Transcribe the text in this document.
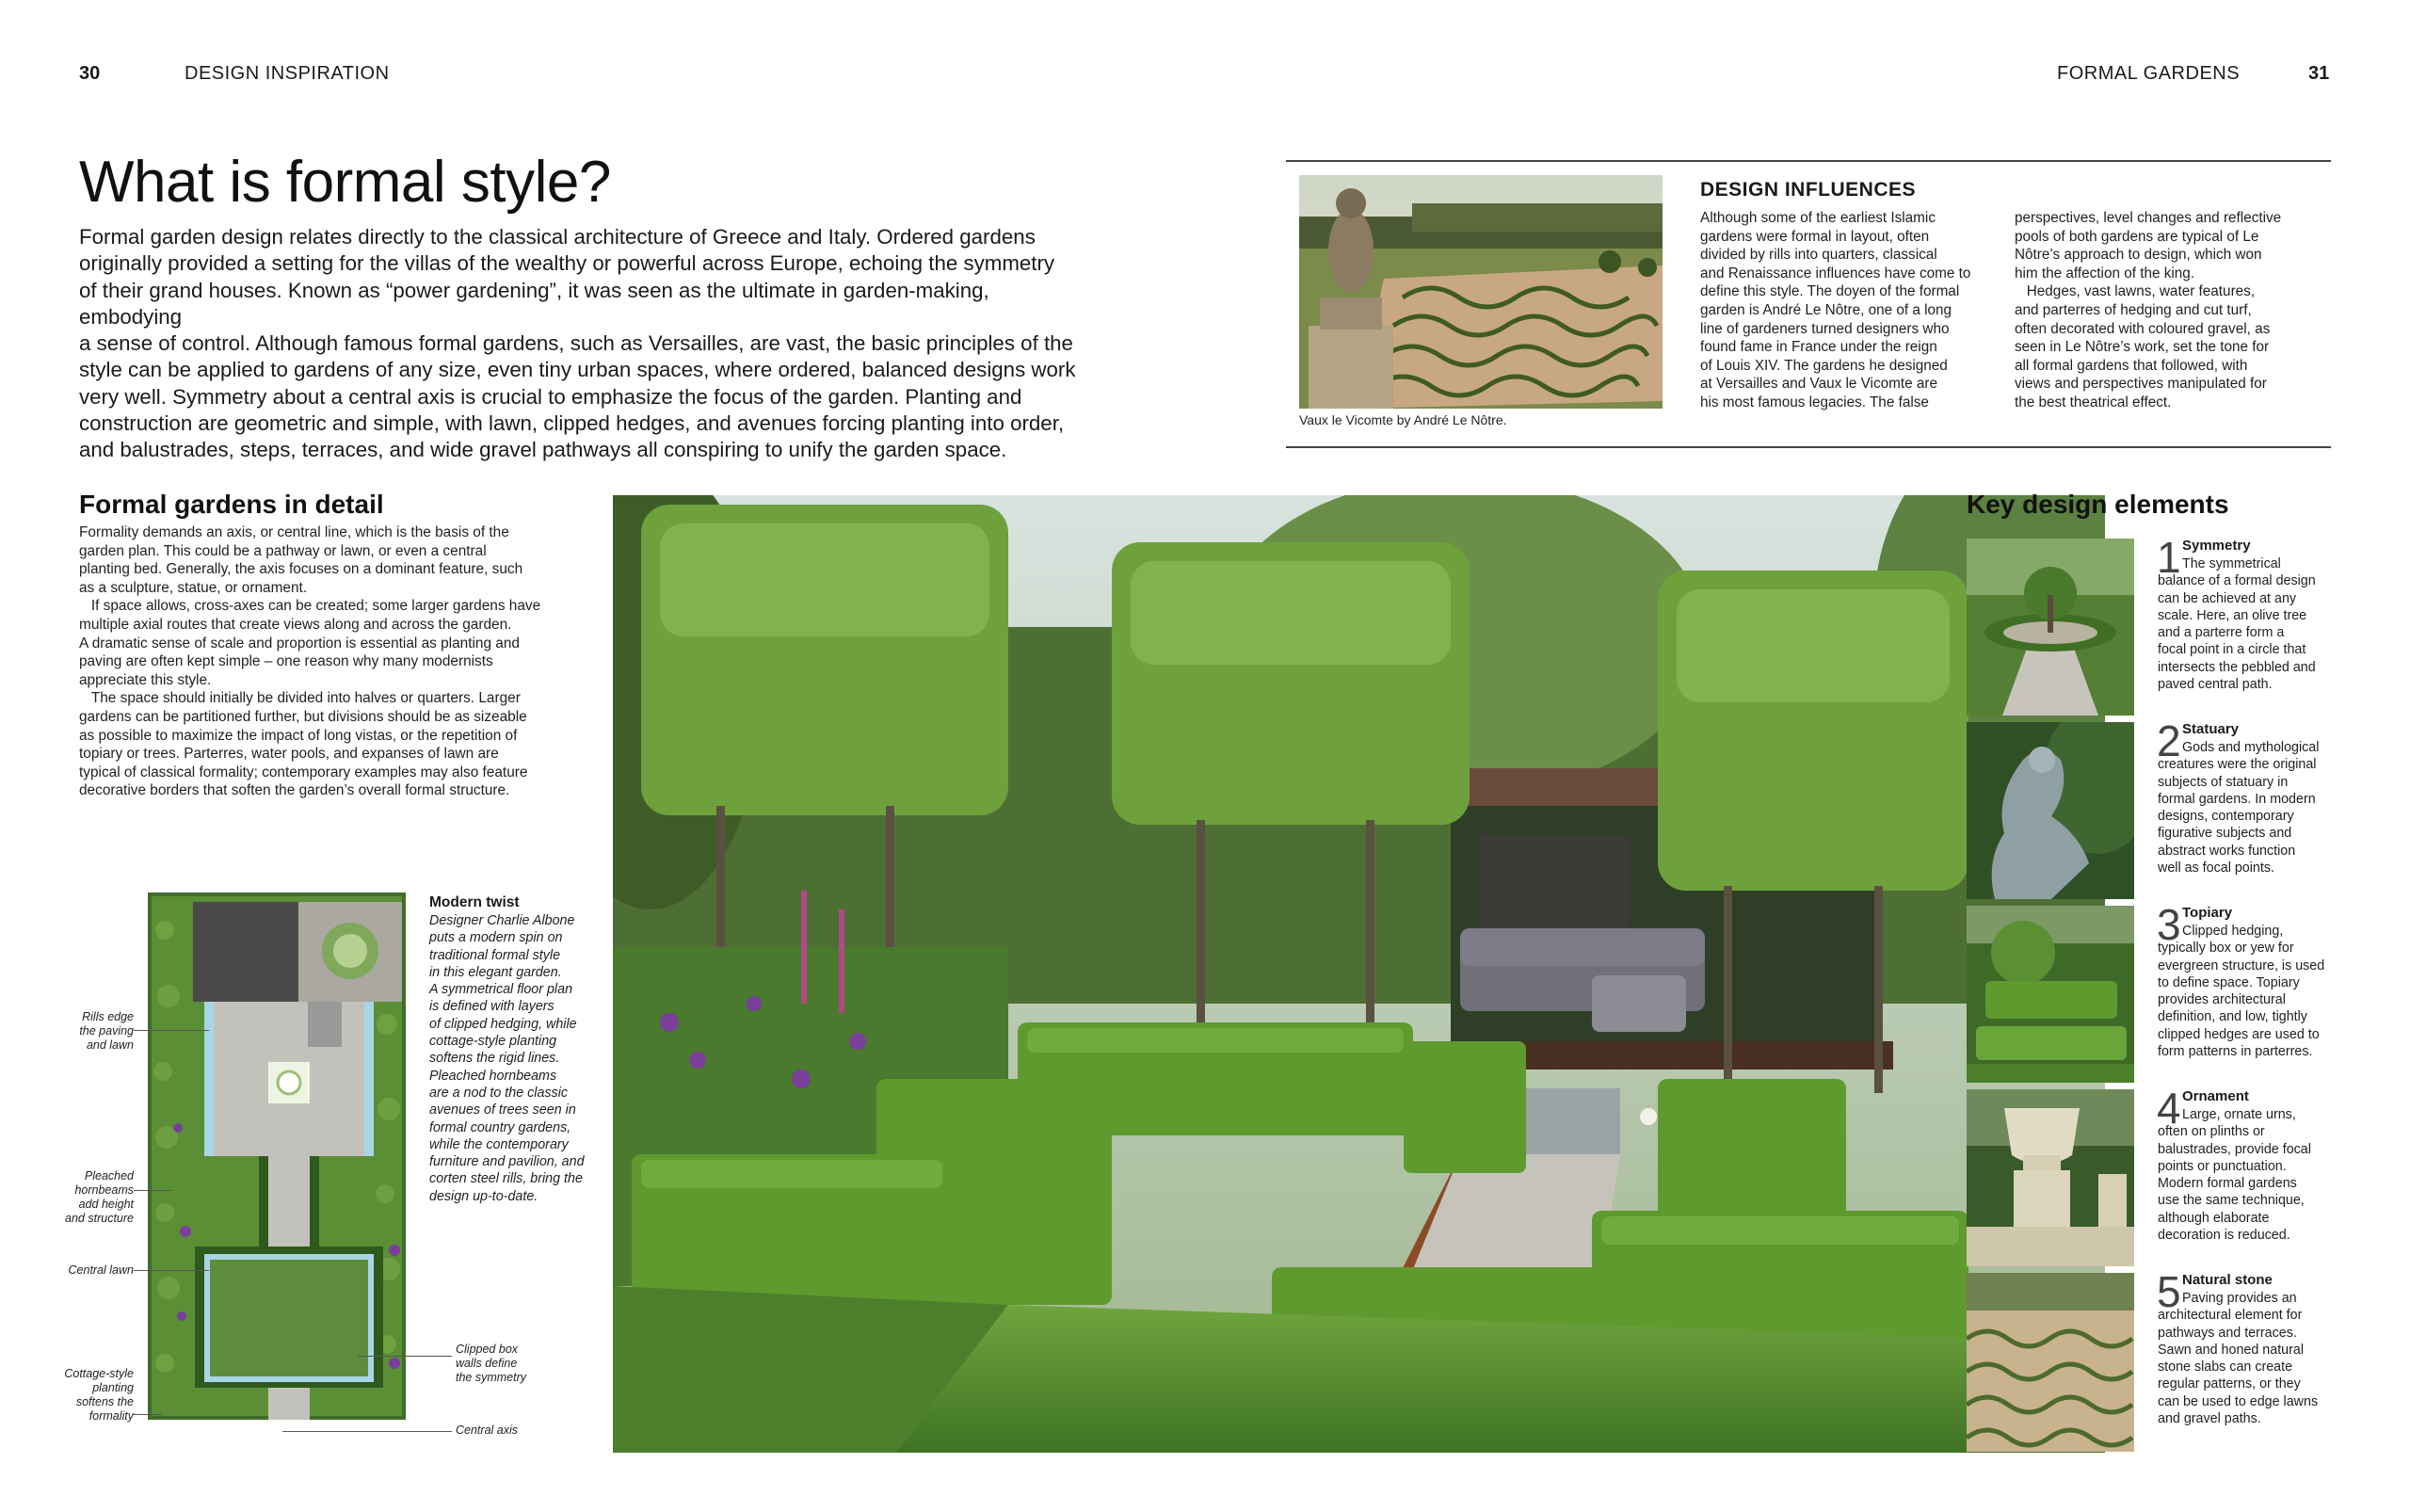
30	DESIGN INSPIRATION	FORMAL GARDENS	31
What is formal style?
Formal garden design relates directly to the classical architecture of Greece and Italy. Ordered gardens
originally provided a setting for the villas of the wealthy or powerful across Europe, echoing the symmetry
of their grand houses. Known as “power gardening”, it was seen as the ultimate in garden-making, embodying
a sense of control. Although famous formal gardens, such as Versailles, are vast, the basic principles of the
style can be applied to gardens of any size, even tiny urban spaces, where ordered, balanced designs work
very well. Symmetry about a central axis is crucial to emphasize the focus of the garden. Planting and
construction are geometric and simple, with lawn, clipped hedges, and avenues forcing planting into order,
and balustrades, steps, terraces, and wide gravel pathways all conspiring to unify the garden space.
Vaux le Vicomte by André Le Nôtre.
DESIGN INFLUENCES
Although some of the earliest Islamic
gardens were formal in layout, often
divided by rills into quarters, classical
and Renaissance influences have come to
define this style. The doyen of the formal
garden is André Le Nôtre, one of a long
line of gardeners turned designers who
found fame in France under the reign
of Louis XIV. The gardens he designed
at Versailles and Vaux le Vicomte are
his most famous legacies. The false
perspectives, level changes and reflective
pools of both gardens are typical of Le
Nôtre’s approach to design, which won
him the affection of the king.
Hedges, vast lawns, water features,
and parterres of hedging and cut turf,
often decorated with coloured gravel, as
seen in Le Nôtre’s work, set the tone for
all formal gardens that followed, with
views and perspectives manipulated for
the best theatrical effect.
Formal gardens in detail
Formality demands an axis, or central line, which is the basis of the
garden plan. This could be a pathway or lawn, or even a central
planting bed. Generally, the axis focuses on a dominant feature, such
as a sculpture, statue, or ornament.
If space allows, cross-axes can be created; some larger gardens have
multiple axial routes that create views along and across the garden.
A dramatic sense of scale and proportion is essential as planting and
paving are often kept simple – one reason why many modernists
appreciate this style.
The space should initially be divided into halves or quarters. Larger
gardens can be partitioned further, but divisions should be as sizeable
as possible to maximize the impact of long vistas, or the repetition of
topiary or trees. Parterres, water pools, and expanses of lawn are
typical of classical formality; contemporary examples may also feature
decorative borders that soften the garden’s overall formal structure.
Rills edge
the paving
and lawn
Pleached
hornbeams
add height
and structure
Central lawn
Cottage-style
planting
softens the
formality
Clipped box
walls define
the symmetry
Central axis
Modern twist
Designer Charlie Albone
puts a modern spin on
traditional formal style
in this elegant garden.
A symmetrical floor plan
is defined with layers
of clipped hedging, while
cottage-style planting
softens the rigid lines.
Pleached hornbeams
are a nod to the classic
avenues of trees seen in
formal country gardens,
while the contemporary
furniture and pavilion, and
corten steel rills, bring the
design up-to-date.
Key design elements
1 Symmetry
The symmetrical
balance of a formal design
can be achieved at any
scale. Here, an olive tree
and a parterre form a
focal point in a circle that
intersects the pebbled and
paved central path.
2 Statuary
Gods and mythological
creatures were the original
subjects of statuary in
formal gardens. In modern
designs, contemporary
figurative subjects and
abstract works function
well as focal points.
3 Topiary
Clipped hedging,
typically box or yew for
evergreen structure, is used
to define space. Topiary
provides architectural
definition, and low, tightly
clipped hedges are used to
form patterns in parterres.
4 Ornament
Large, ornate urns,
often on plinths or
balustrades, provide focal
points or punctuation.
Modern formal gardens
use the same technique,
although elaborate
decoration is reduced.
5 Natural stone
Paving provides an
architectural element for
pathways and terraces.
Sawn and honed natural
stone slabs can create
regular patterns, or they
can be used to edge lawns
and gravel paths.
